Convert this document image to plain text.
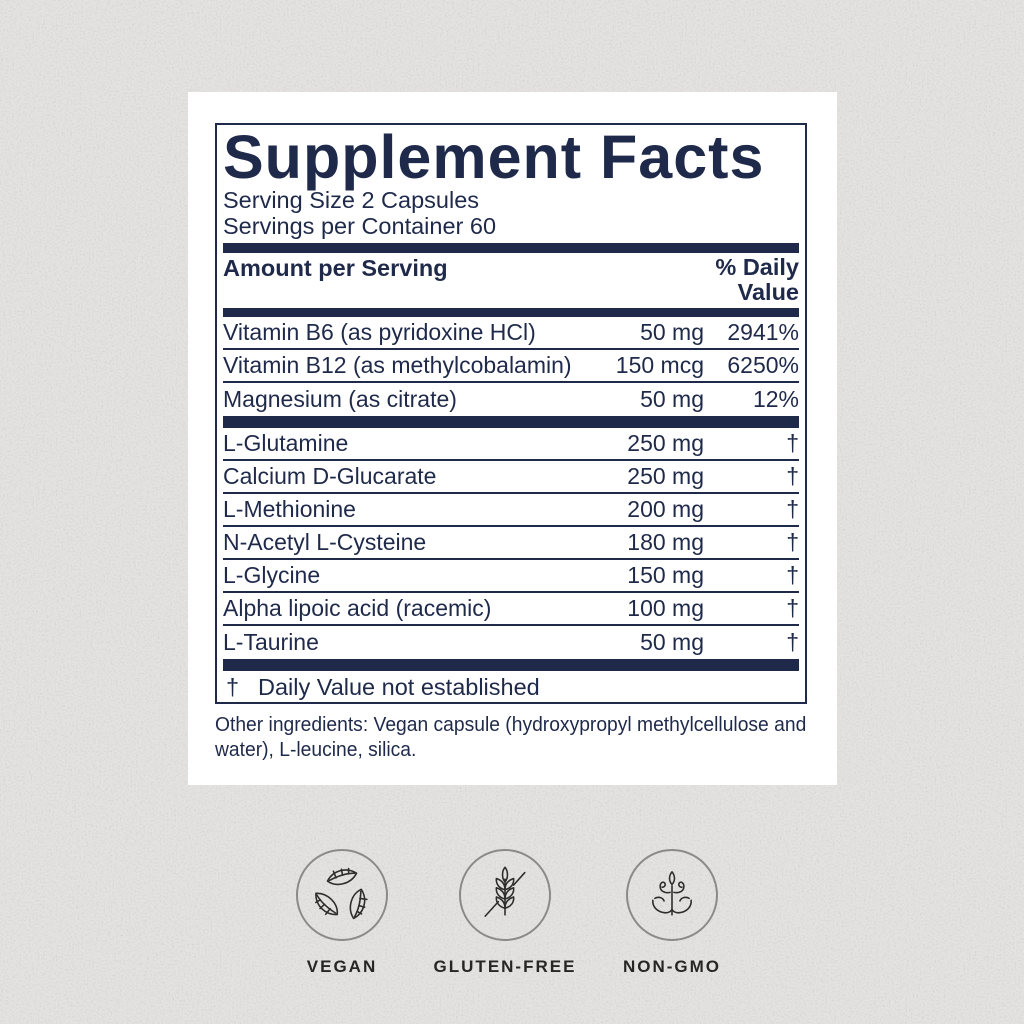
Supplement Facts
Serving Size 2 Capsules
Servings per Container 60
Amount per Serving	% Daily
Value
Vitamin B6 (as pyridoxine HCl)	50 mg	2941%
Vitamin B12 (as methylcobalamin)	150 mcg	6250%
Magnesium (as citrate)	50 mg	12%
L-Glutamine	250 mg	†
Calcium D-Glucarate	250 mg	†
L-Methionine	200 mg	†
N-Acetyl L-Cysteine	180 mg	†
L-Glycine	150 mg	†
Alpha lipoic acid (racemic)	100 mg	†
L-Taurine	50 mg	†
† Daily Value not established
Other ingredients: Vegan capsule (hydroxypropyl methylcellulose and
water), L-leucine, silica.
VEGAN	GLUTEN-FREE	NON-GMO
